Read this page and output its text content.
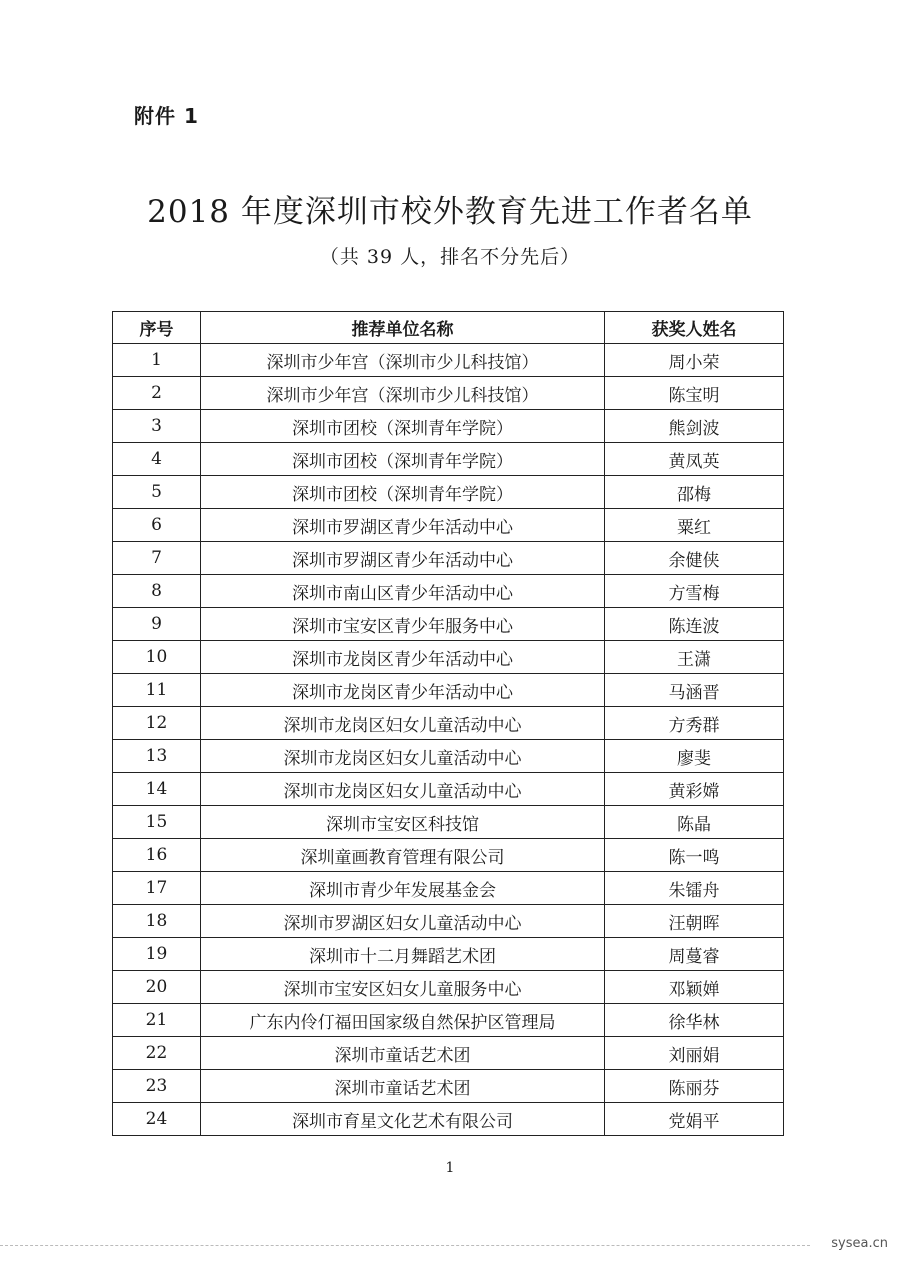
附件 1
2018 年度深圳市校外教育先进工作者名单
（共 39 人，排名不分先后）
序号	推荐单位名称	获奖人姓名
1	深圳市少年宫（深圳市少儿科技馆）	周小荣
2	深圳市少年宫（深圳市少儿科技馆）	陈宝明
3	深圳市团校（深圳青年学院）	熊剑波
4	深圳市团校（深圳青年学院）	黄凤英
5	深圳市团校（深圳青年学院）	邵梅
6	深圳市罗湖区青少年活动中心	粟红
7	深圳市罗湖区青少年活动中心	余健侠
8	深圳市南山区青少年活动中心	方雪梅
9	深圳市宝安区青少年服务中心	陈连波
10	深圳市龙岗区青少年活动中心	王潇
11	深圳市龙岗区青少年活动中心	马涵晋
12	深圳市龙岗区妇女儿童活动中心	方秀群
13	深圳市龙岗区妇女儿童活动中心	廖斐
14	深圳市龙岗区妇女儿童活动中心	黄彩嫦
15	深圳市宝安区科技馆	陈晶
16	深圳童画教育管理有限公司	陈一鸣
17	深圳市青少年发展基金会	朱镭舟
18	深圳市罗湖区妇女儿童活动中心	汪朝晖
19	深圳市十二月舞蹈艺术团	周蔓睿
20	深圳市宝安区妇女儿童服务中心	邓颖婵
21	广东内伶仃福田国家级自然保护区管理局	徐华林
22	深圳市童话艺术团	刘丽娟
23	深圳市童话艺术团	陈丽芬
24	深圳市育星文化艺术有限公司	党娟平
1
sysea.cn
